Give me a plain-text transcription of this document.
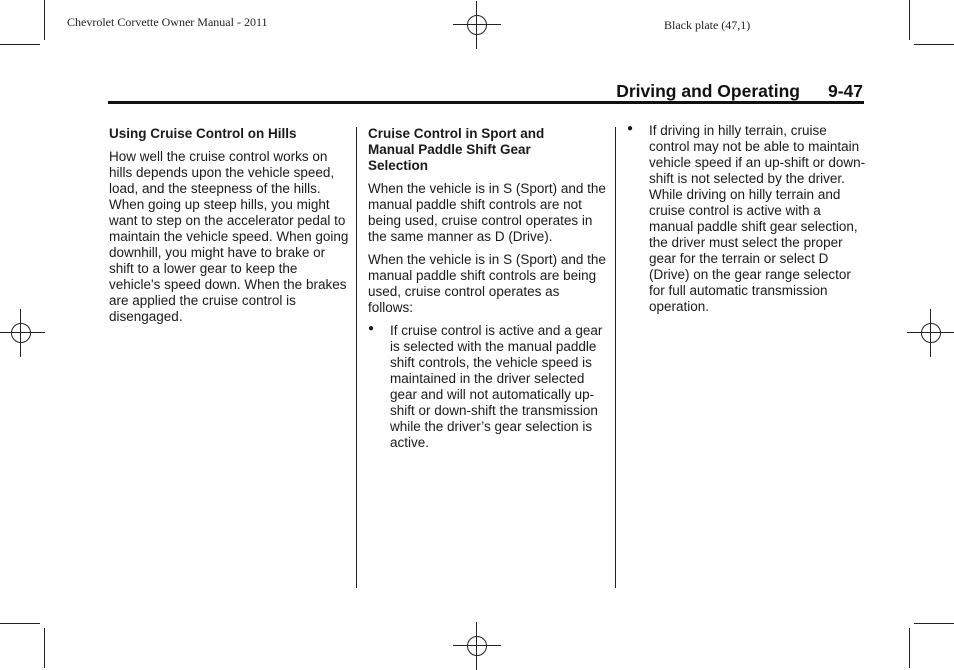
Chevrolet Corvette Owner Manual - 2011	Black plate (47,1)
Driving and Operating 9-47
Using Cruise Control on Hills

How well the cruise control works on hills depends upon the vehicle speed, load, and the steepness of the hills. When going up steep hills, you might want to step on the accelerator pedal to maintain the vehicle speed. When going downhill, you might have to brake or shift to a lower gear to keep the vehicle's speed down. When the brakes are applied the cruise control is disengaged.

Cruise Control in Sport and Manual Paddle Shift Gear Selection

When the vehicle is in S (Sport) and the manual paddle shift controls are not being used, cruise control operates in the same manner as D (Drive).

When the vehicle is in S (Sport) and the manual paddle shift controls are being used, cruise control operates as follows:

● If cruise control is active and a gear is selected with the manual paddle shift controls, the vehicle speed is maintained in the driver selected gear and will not automatically up-shift or down-shift the transmission while the driver’s gear selection is active.
● If driving in hilly terrain, cruise control may not be able to maintain vehicle speed if an up-shift or down-shift is not selected by the driver. While driving on hilly terrain and cruise control is active with a manual paddle shift gear selection, the driver must select the proper gear for the terrain or select D (Drive) on the gear range selector for full automatic transmission operation.
